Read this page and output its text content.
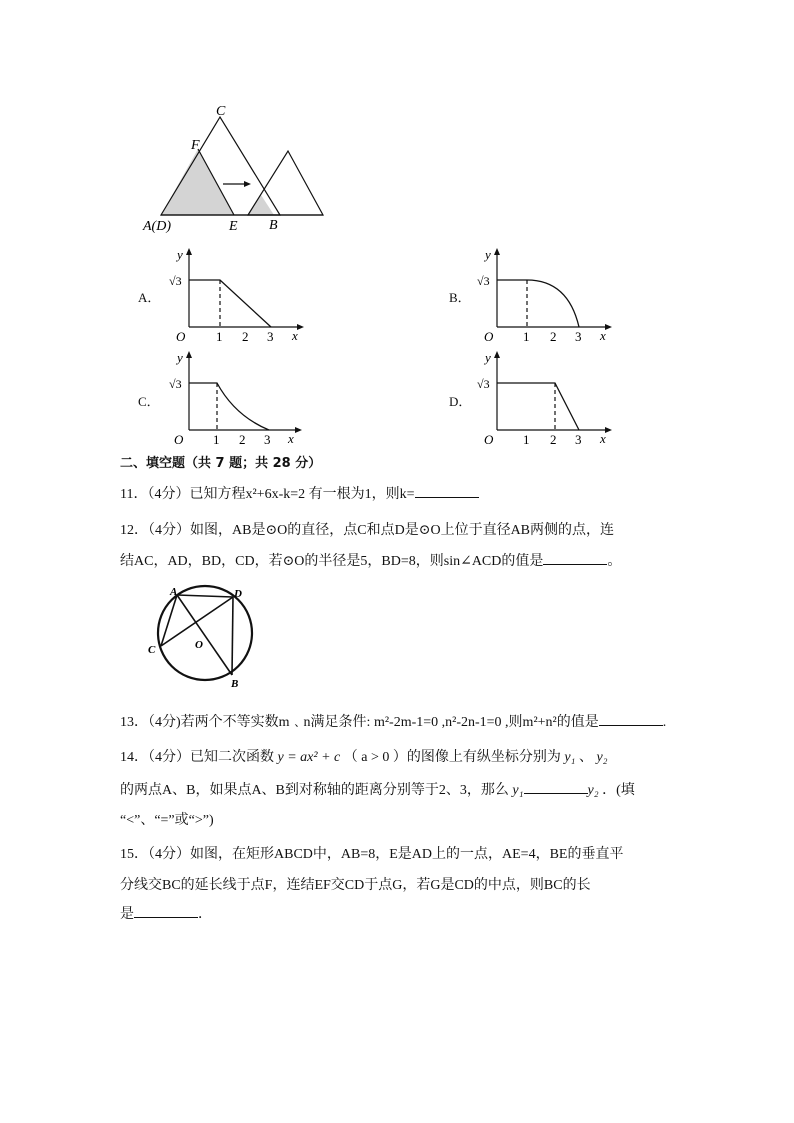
C
F
A(D)	E B
A．
y
√3
O 1 2 3 x
B．
y
√3
O 1 2 3 x
C．
y
√3
O 1 2 3 x
D．
y
√3
O 1 2 3 x
二、填空题（共 7 题；共 28 分）
11．（4分）已知方程x²+6x-k=2 有一根为1，则k=
12．（4分）如图，AB是⊙O的直径，点C和点D是⊙O上位于直径AB两侧的点，连
结AC，AD，BD，CD，若⊙O的半径是5，BD=8，则sin∠ACD的值是	。
A	D
C	O
B
13．（4分)若两个不等实数m﹑n满足条件: m²-2m-1=0 ,n²-2n-1=0 ,则m²+n²的值是	.
14．（4分）已知二次函数 y = ax² + c （ a > 0 ）的图像上有纵坐标分别为 y₁ 、 y₂
的两点A、B，如果点A、B到对称轴的距离分别等于2、3，那么 y₁	y₂ ．(填
“<”、“=”或“>”)
15．（4分）如图，在矩形ABCD中，AB=8，E是AD上的一点，AE=4，BE的垂直平
分线交BC的延长线于点F，连结EF交CD于点G，若G是CD的中点，则BC的长
是	．
